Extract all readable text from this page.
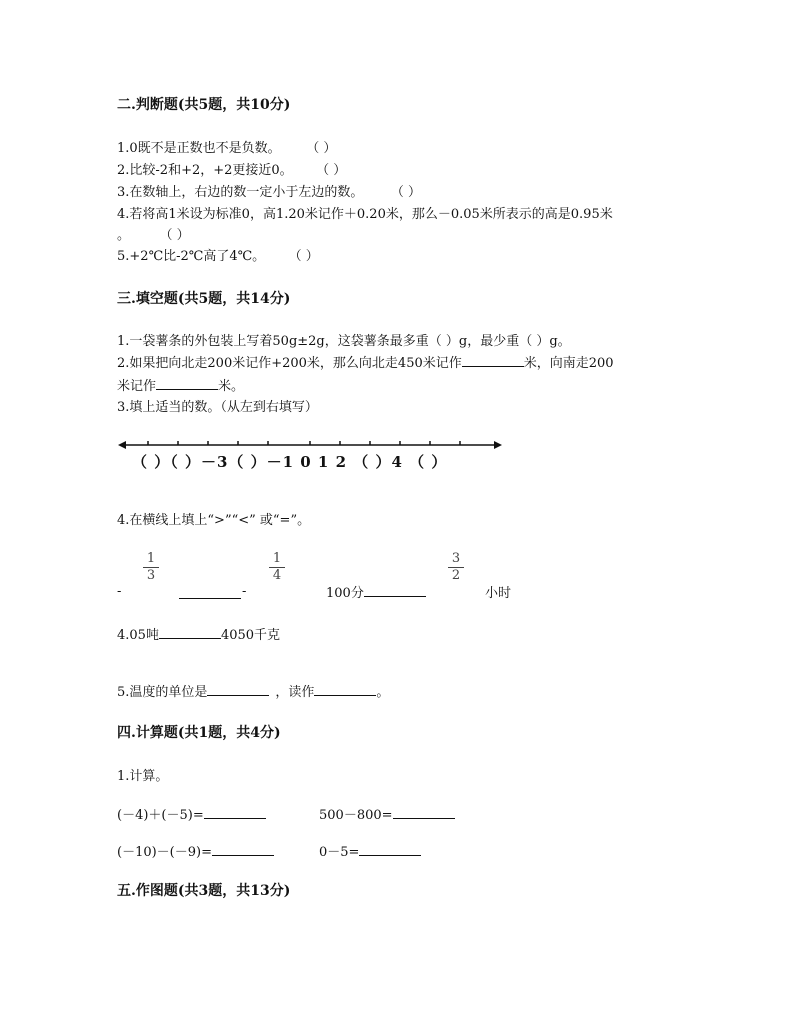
二.判断题(共5题，共10分)
1.0既不是正数也不是负数。 （ ）
2.比较-2和+2，+2更接近0。 （ ）
3.在数轴上，右边的数一定小于左边的数。	（ ）
4.若将高1米设为标准0，高1.20米记作＋0.20米，那么－0.05米所表示的高是0.95米
。	（ ）
5.+2℃比-2℃高了4℃。 （ ）
三.填空题(共5题，共14分)
1.一袋薯条的外包装上写着50g±2g，这袋薯条最多重（ ）g，最少重（ ）g。
2.如果把向北走200米记作+200米，那么向北走450米记作	米，向南走200
米记作	米。
3.填上适当的数。（从左到右填写）
（ ）（ ）－3（ ）－1 0 1 2 （ ）4 （ ）
4.在横线上填上“>”“<” 或“=”。
1
3
1
4
3
2
-	-	100分	小时
4.05吨	4050千克
5.温度的单位是	，读作	。
四.计算题(共1题，共4分)
1.计算。
(－4)＋(－5)=	500－800=
(－10)－(－9)=	0－5=
五.作图题(共3题，共13分)
